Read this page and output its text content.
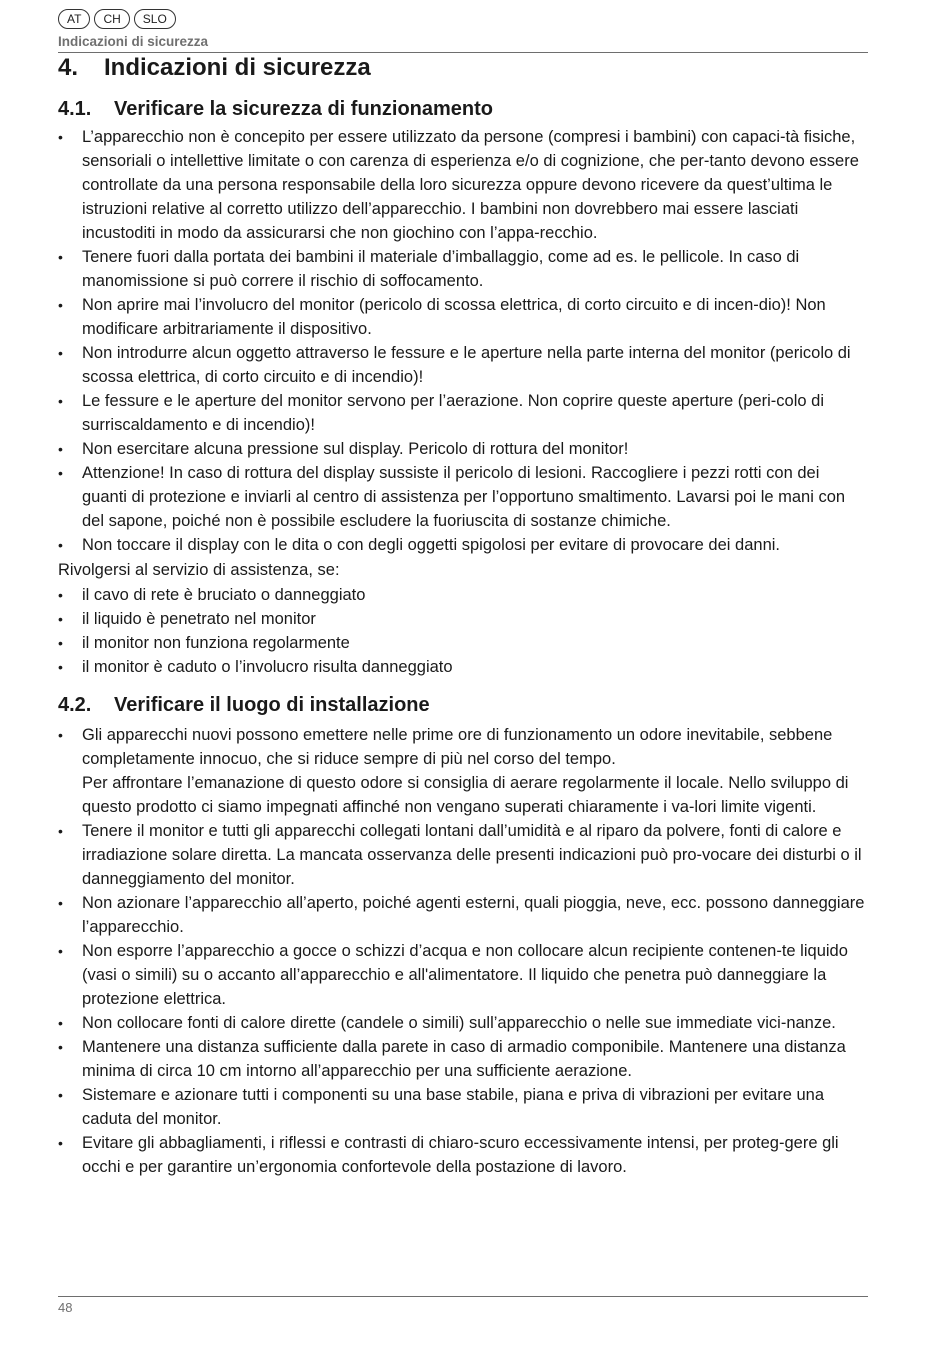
AT	CH	SLO
Indicazioni di sicurezza
4. Indicazioni di sicurezza
4.1. Verificare la sicurezza di funzionamento
• L’apparecchio non è concepito per essere utilizzato da persone (compresi i bambini) con capaci-tà fisiche, sensoriali o intellettive limitate o con carenza di esperienza e/o di cognizione, che per-tanto devono essere controllate da una persona responsabile della loro sicurezza oppure devono ricevere da quest’ultima le istruzioni relative al corretto utilizzo dell’apparecchio. I bambini non dovrebbero mai essere lasciati incustoditi in modo da assicurarsi che non giochino con l’appa-recchio.
• Tenere fuori dalla portata dei bambini il materiale d’imballaggio, come ad es. le pellicole. In caso di manomissione si può correre il rischio di soffocamento.
• Non aprire mai l’involucro del monitor (pericolo di scossa elettrica, di corto circuito e di incen-dio)! Non modificare arbitrariamente il dispositivo.
• Non introdurre alcun oggetto attraverso le fessure e le aperture nella parte interna del monitor (pericolo di scossa elettrica, di corto circuito e di incendio)!
• Le fessure e le aperture del monitor servono per l’aerazione. Non coprire queste aperture (peri-colo di surriscaldamento e di incendio)!
• Non esercitare alcuna pressione sul display. Pericolo di rottura del monitor!
• Attenzione! In caso di rottura del display sussiste il pericolo di lesioni. Raccogliere i pezzi rotti con dei guanti di protezione e inviarli al centro di assistenza per l’opportuno smaltimento. Lavarsi poi le mani con del sapone, poiché non è possibile escludere la fuoriuscita di sostanze chimiche.
• Non toccare il display con le dita o con degli oggetti spigolosi per evitare di provocare dei danni.

Rivolgersi al servizio di assistenza, se:

• il cavo di rete è bruciato o danneggiato
• il liquido è penetrato nel monitor
• il monitor non funziona regolarmente
• il monitor è caduto o l’involucro risulta danneggiato
4.2. Verificare il luogo di installazione

• Gli apparecchi nuovi possono emettere nelle prime ore di funzionamento un odore inevitabile, sebbene completamente innocuo, che si riduce sempre di più nel corso del tempo.

Per affrontare l’emanazione di questo odore si consiglia di aerare regolarmente il locale. Nello sviluppo di questo prodotto ci siamo impegnati affinché non vengano superati chiaramente i va-lori limite vigenti.

• Tenere il monitor e tutti gli apparecchi collegati lontani dall’umidità e al riparo da polvere, fonti di calore e irradiazione solare diretta. La mancata osservanza delle presenti indicazioni può pro-vocare dei disturbi o il danneggiamento del monitor.
• Non azionare l’apparecchio all’aperto, poiché agenti esterni, quali pioggia, neve, ecc. possono danneggiare l’apparecchio.
• Non esporre l’apparecchio a gocce o schizzi d’acqua e non collocare alcun recipiente contenen-te liquido (vasi o simili) su o accanto all’apparecchio e all'alimentatore. Il liquido che penetra può danneggiare la protezione elettrica.
• Non collocare fonti di calore dirette (candele o simili) sull’apparecchio o nelle sue immediate vici-nanze.
• Mantenere una distanza sufficiente dalla parete in caso di armadio componibile. Mantenere una distanza minima di circa 10 cm intorno all’apparecchio per una sufficiente aerazione.
• Sistemare e azionare tutti i componenti su una base stabile, piana e priva di vibrazioni per evitare una caduta del monitor.
• Evitare gli abbagliamenti, i riflessi e contrasti di chiaro-scuro eccessivamente intensi, per proteg-gere gli occhi e per garantire un’ergonomia confortevole della postazione di lavoro.
48
